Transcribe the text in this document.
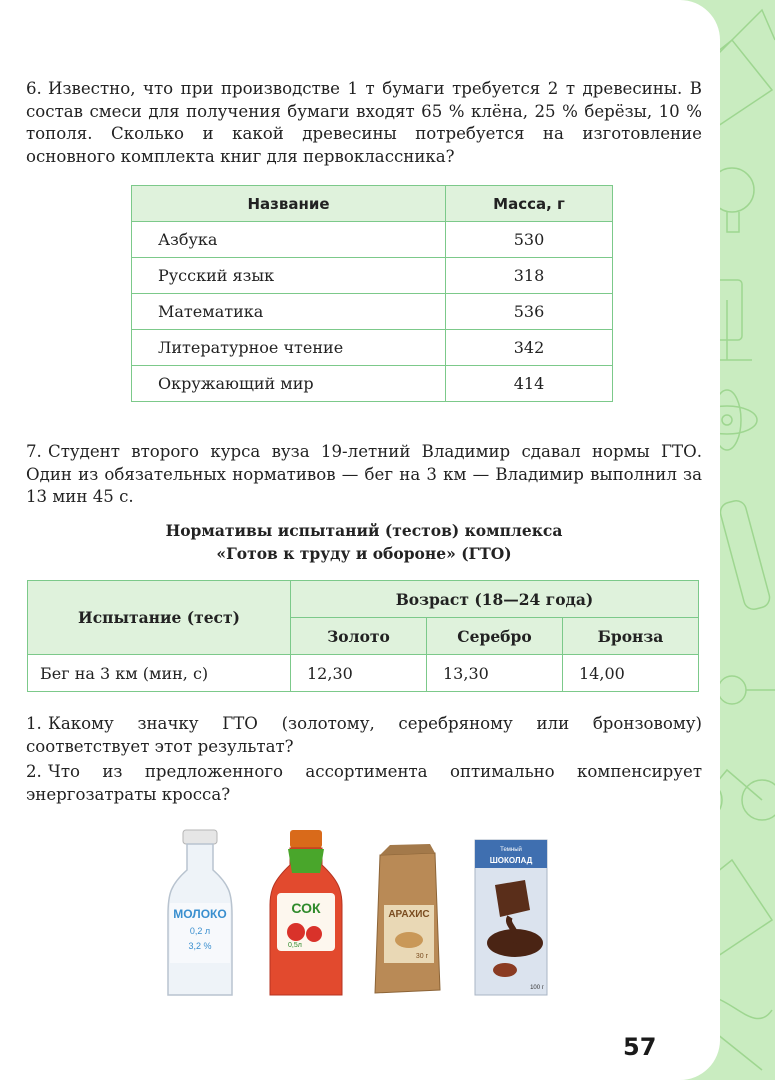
6. Известно, что при производстве 1 т бумаги требуется 2 т древесины. В состав смеси для получения бумаги входят 65 % клёна, 25 % берёзы, 10 % тополя. Сколько и какой древесины потребуется на изготовление основного комплекта книг для первоклассника?
Название	Масса, г
Азбука	530
Русский язык	318
Математика	536
Литературное чтение	342
Окружающий мир	414
7. Студент второго курса вуза 19-летний Владимир сдавал нормы ГТО. Один из обязательных нормативов — бег на 3 км — Владимир выполнил за 13 мин 45 с.
Нормативы испытаний (тестов) комплекса
«Готов к труду и обороне» (ГТО)
Испытание (тест)	Возраст (18—24 года)		
	Золото	Серебро	Бронза
Бег на 3 км (мин, с)	12,30	13,30	14,00
1. Какому значку ГТО (золотому, серебряному или бронзовому) соответствует этот результат?
2. Что из предложенного ассортимента оптимально компенсирует энергозатраты кросса?
МОЛОКО
0,2 л
3,2 %
СОК
0,5л
АРАХИС
30 г
Темный
ШОКОЛАД
100 г
57
